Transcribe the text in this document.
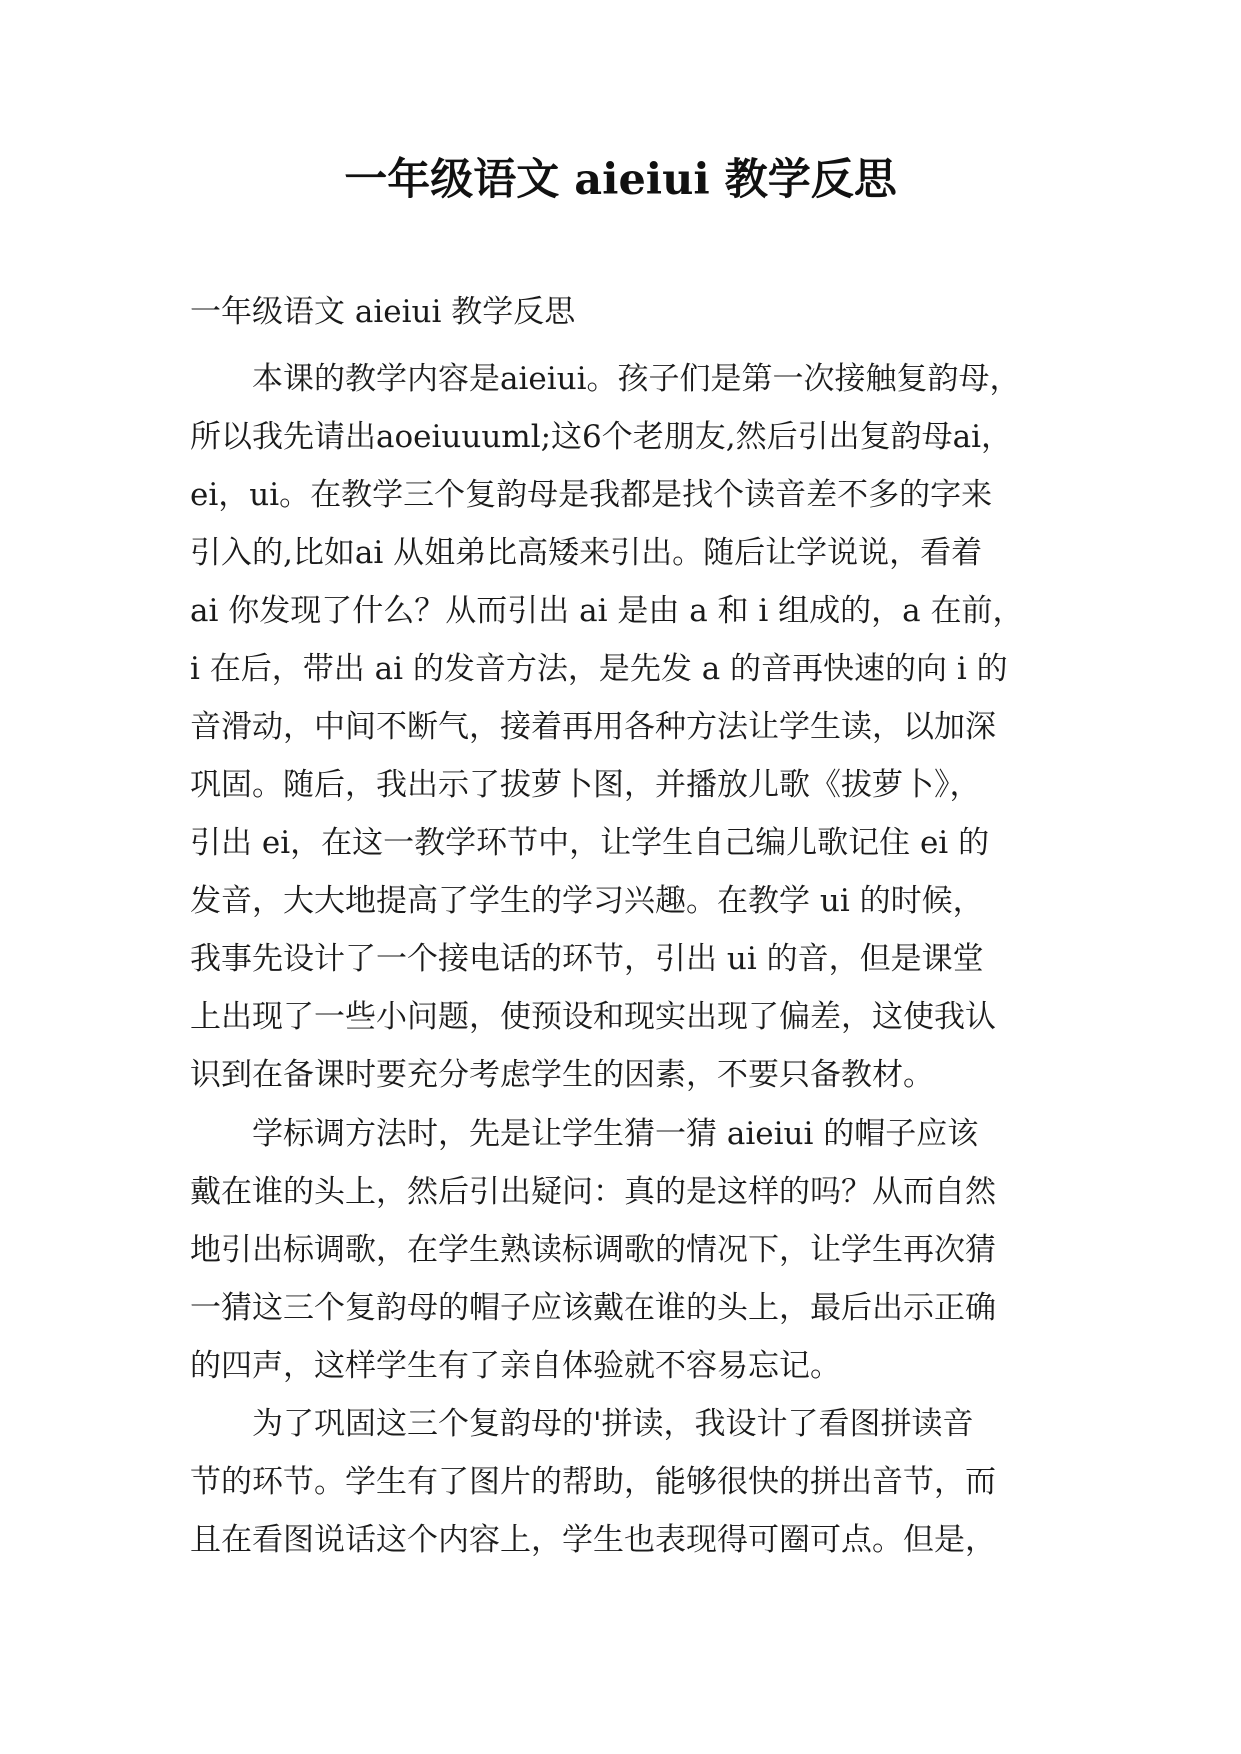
一年级语文 aieiui 教学反思

一年级语文 aieiui 教学反思

　　本课的教学内容是aieiui。孩子们是第一次接触复韵母，
所以我先请出aoeiuuuml;这6个老朋友,然后引出复韵母ai，
ei，ui。在教学三个复韵母是我都是找个读音差不多的字来
引入的,比如ai 从姐弟比高矮来引出。随后让学说说，看着
ai 你发现了什么？从而引出 ai 是由 a 和 i 组成的，a 在前，
i 在后，带出 ai 的发音方法，是先发 a 的音再快速的向 i 的
音滑动，中间不断气，接着再用各种方法让学生读，以加深
巩固。随后，我出示了拔萝卜图，并播放儿歌《拔萝卜》，
引出 ei，在这一教学环节中，让学生自己编儿歌记住 ei 的
发音，大大地提高了学生的学习兴趣。在教学 ui 的时候，
我事先设计了一个接电话的环节，引出 ui 的音，但是课堂
上出现了一些小问题，使预设和现实出现了偏差，这使我认
识到在备课时要充分考虑学生的因素，不要只备教材。
　　学标调方法时，先是让学生猜一猜 aieiui 的帽子应该
戴在谁的头上，然后引出疑问：真的是这样的吗？从而自然
地引出标调歌，在学生熟读标调歌的情况下，让学生再次猜
一猜这三个复韵母的帽子应该戴在谁的头上，最后出示正确
的四声，这样学生有了亲自体验就不容易忘记。
　　为了巩固这三个复韵母的'拼读，我设计了看图拼读音
节的环节。学生有了图片的帮助，能够很快的拼出音节，而
且在看图说话这个内容上，学生也表现得可圈可点。但是，
